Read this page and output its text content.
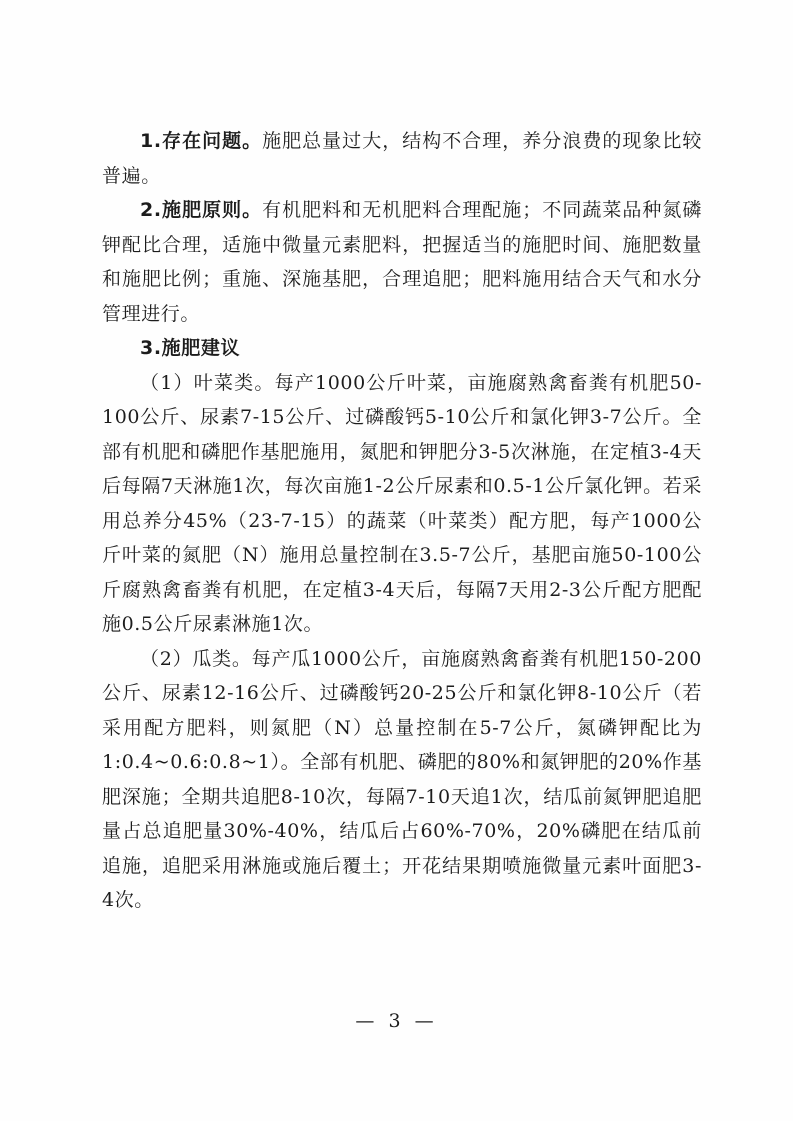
1.存在问题。施肥总量过大，结构不合理，养分浪费的现象比较普遍。

2.施肥原则。有机肥料和无机肥料合理配施；不同蔬菜品种氮磷钾配比合理，适施中微量元素肥料，把握适当的施肥时间、施肥数量和施肥比例；重施、深施基肥，合理追肥；肥料施用结合天气和水分管理进行。

3.施肥建议

（1）叶菜类。每产1000公斤叶菜，亩施腐熟禽畜粪有机肥50-100公斤、尿素7-15公斤、过磷酸钙5-10公斤和氯化钾3-7公斤。全部有机肥和磷肥作基肥施用，氮肥和钾肥分3-5次淋施，在定植3-4天后每隔7天淋施1次，每次亩施1-2公斤尿素和0.5-1公斤氯化钾。若采用总养分45%（23-7-15）的蔬菜（叶菜类）配方肥，每产1000公斤叶菜的氮肥（N）施用总量控制在3.5-7公斤，基肥亩施50-100公斤腐熟禽畜粪有机肥，在定植3-4天后，每隔7天用2-3公斤配方肥配施0.5公斤尿素淋施1次。

（2）瓜类。每产瓜1000公斤，亩施腐熟禽畜粪有机肥150-200公斤、尿素12-16公斤、过磷酸钙20-25公斤和氯化钾8-10公斤（若采用配方肥料，则氮肥（N）总量控制在5-7公斤，氮磷钾配比为1:0.4~0.6:0.8~1）。全部有机肥、磷肥的80%和氮钾肥的20%作基肥深施；全期共追肥8-10次，每隔7-10天追1次，结瓜前氮钾肥追肥量占总追肥量30%-40%，结瓜后占60%-70%，20%磷肥在结瓜前追施，追肥采用淋施或施后覆土；开花结果期喷施微量元素叶面肥3-4次。

— 3 —
